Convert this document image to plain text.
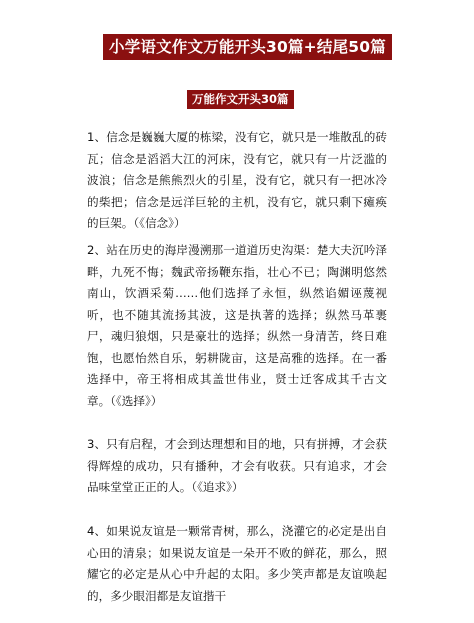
小学语文作文万能开头30篇+结尾50篇
万能作文开头30篇

1、信念是巍巍大厦的栋梁，没有它，就只是一堆散乱的砖瓦；信念是滔滔大江的河床，没有它，就只有一片泛滥的波浪；信念是熊熊烈火的引星，没有它，就只有一把冰冷的柴把；信念是远洋巨轮的主机，没有它，就只剩下瘫痪的巨架。（《信念》）

2、站在历史的海岸漫溯那一道道历史沟渠：楚大夫沉吟泽畔，九死不悔；魏武帝扬鞭东指，壮心不已；陶渊明悠然南山，饮酒采菊……他们选择了永恒，纵然谄媚诬蔑视听，也不随其流扬其波，这是执著的选择；纵然马革裹尸，魂归狼烟，只是豪壮的选择；纵然一身清苦，终日难饱，也愿怡然自乐，躬耕陇亩，这是高雅的选择。在一番选择中，帝王将相成其盖世伟业，贤士迁客成其千古文章。（《选择》）

3、只有启程，才会到达理想和目的地，只有拼搏，才会获得辉煌的成功，只有播种，才会有收获。只有追求，才会品味堂堂正正的人。（《追求》）

4、如果说友谊是一颗常青树，那么，浇灌它的必定是出自心田的清泉；如果说友谊是一朵开不败的鲜花，那么，照耀它的必定是从心中升起的太阳。多少笑声都是友谊唤起的，多少眼泪都是友谊揩干
